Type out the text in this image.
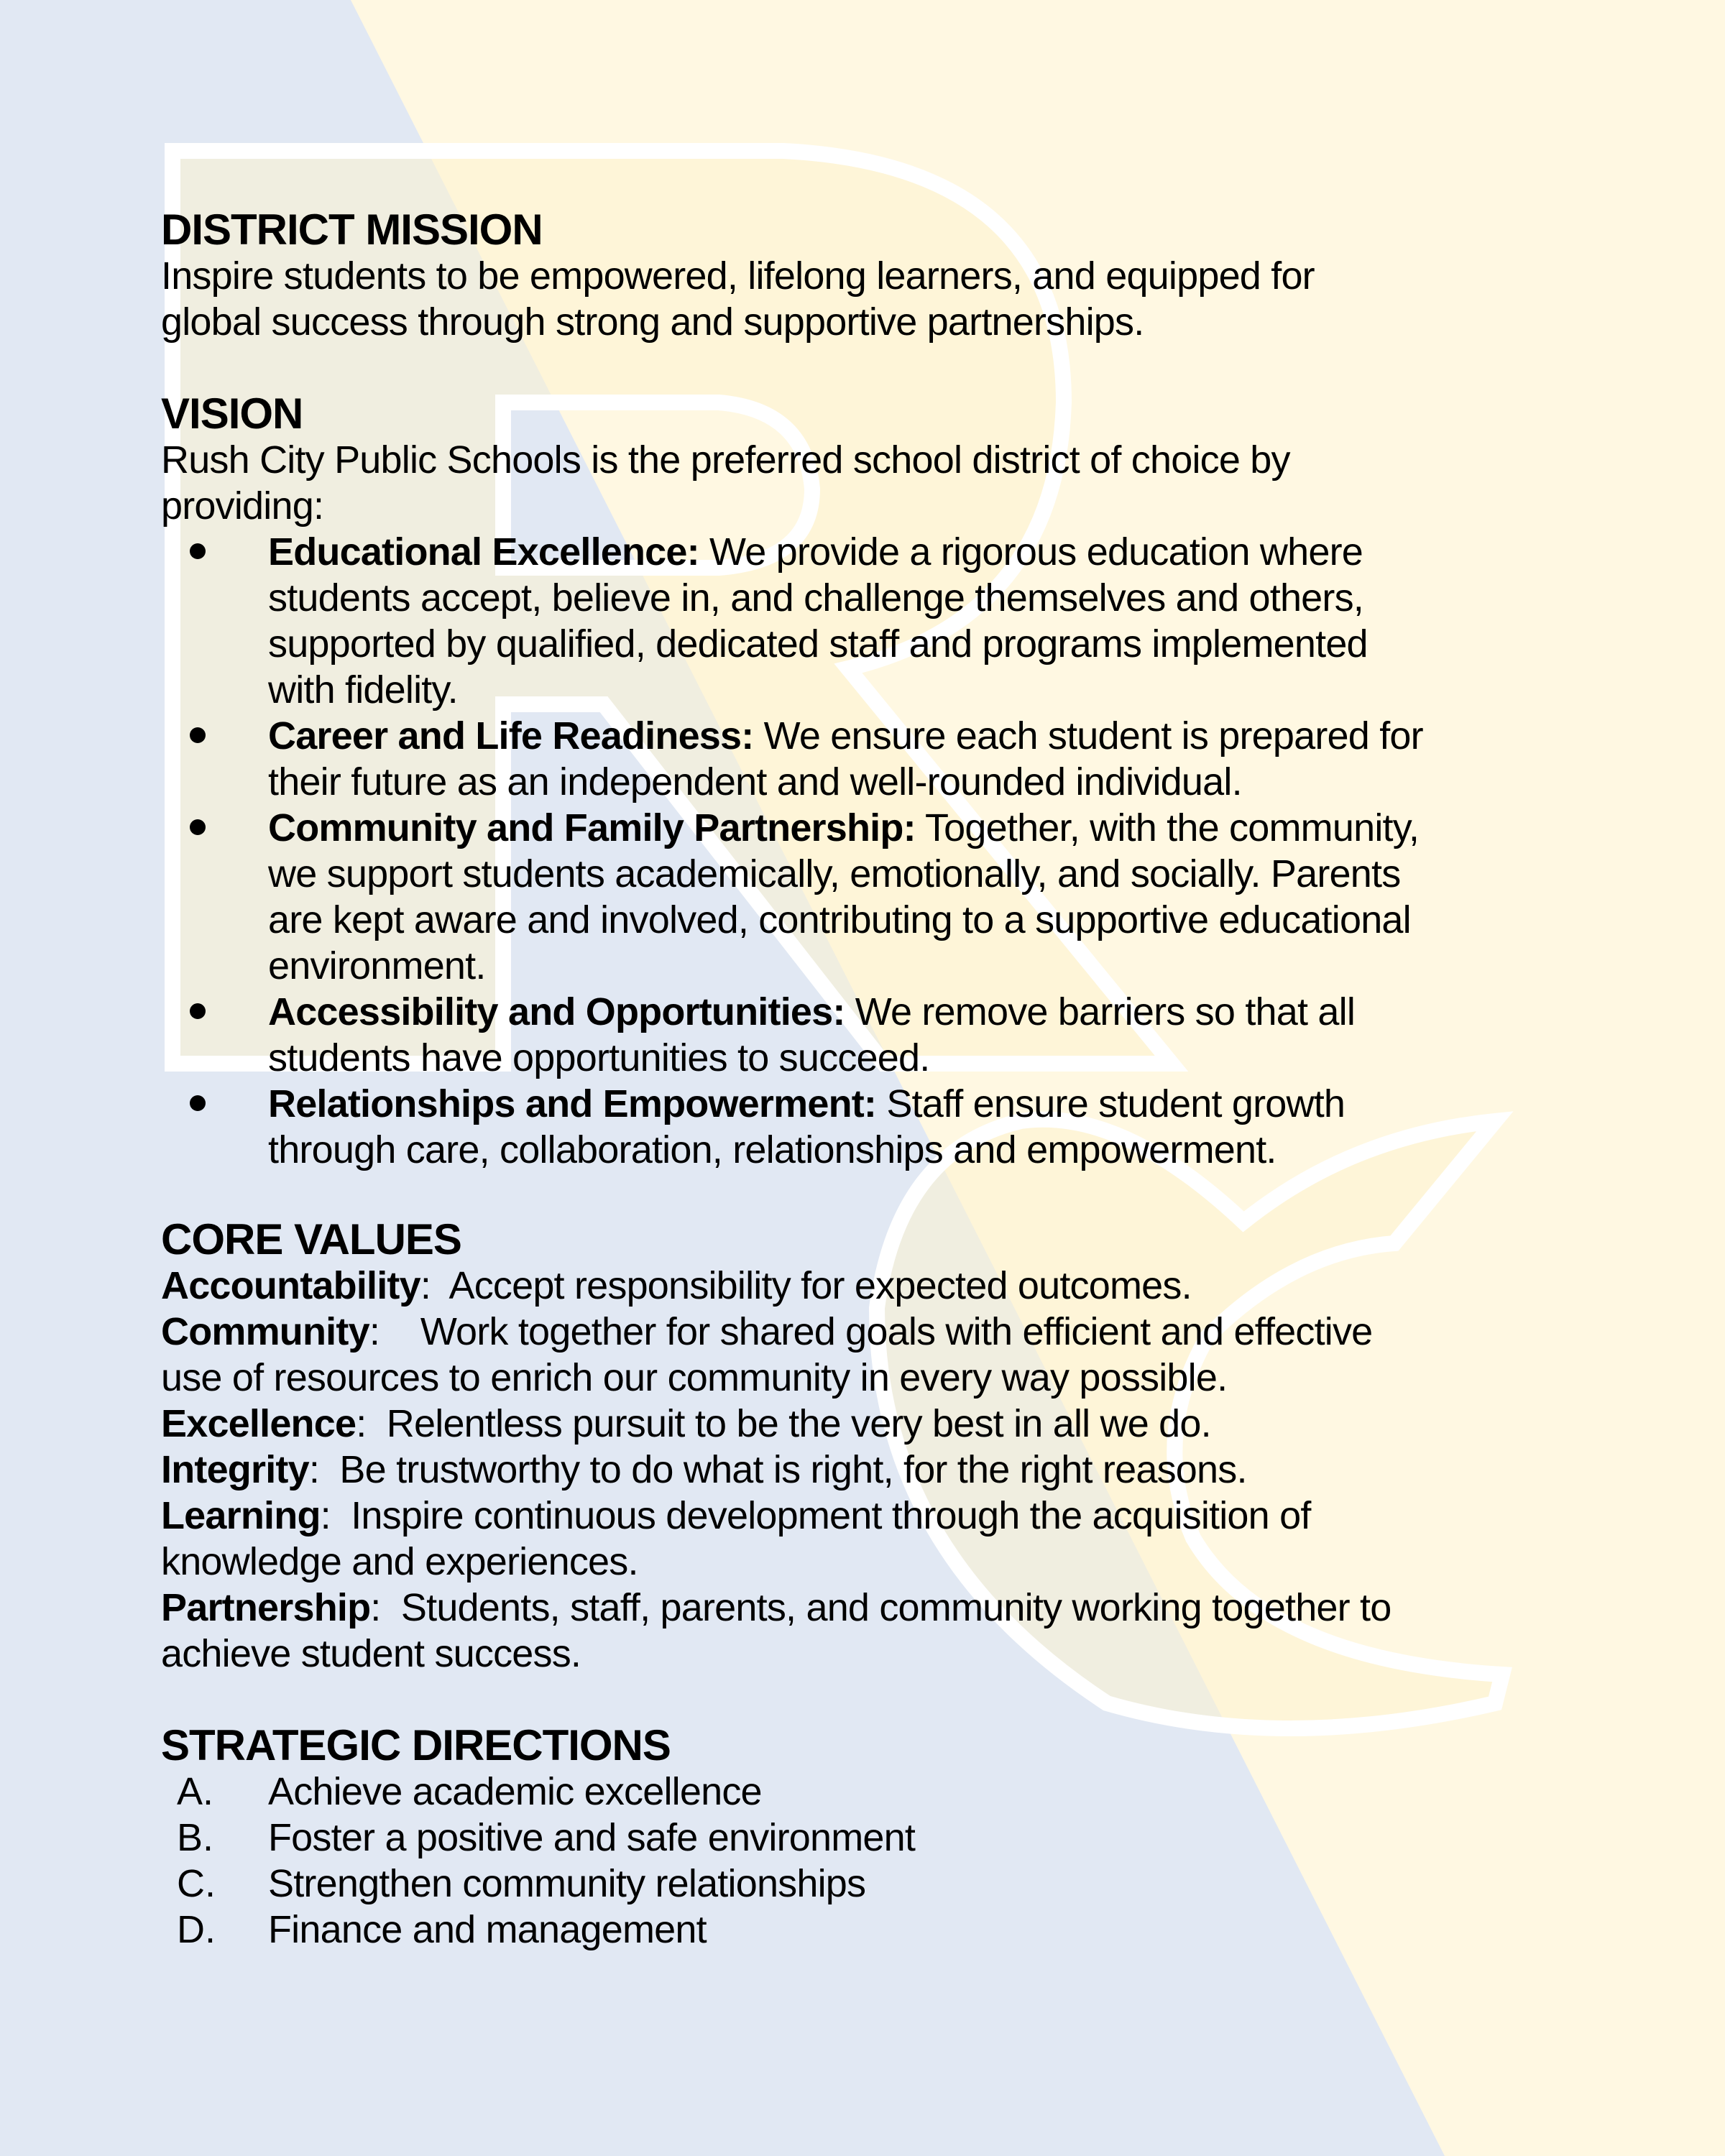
DISTRICT MISSION
Inspire students to be empowered, lifelong learners, and equipped for
global success through strong and supportive partnerships.
VISION
Rush City Public Schools is the preferred school district of choice by
providing:
Educational Excellence: We provide a rigorous education where
students accept, believe in, and challenge themselves and others,
supported by qualified, dedicated staff and programs implemented
with fidelity.
Career and Life Readiness: We ensure each student is prepared for
their future as an independent and well-rounded individual.
Community and Family Partnership: Together, with the community,
we support students academically, emotionally, and socially. Parents
are kept aware and involved, contributing to a supportive educational
environment.
Accessibility and Opportunities: We remove barriers so that all
students have opportunities to succeed.
Relationships and Empowerment: Staff ensure student growth
through care, collaboration, relationships and empowerment.
CORE VALUES
Accountability:  Accept responsibility for expected outcomes.
Community:    Work together for shared goals with efficient and effective
use of resources to enrich our community in every way possible.
Excellence:  Relentless pursuit to be the very best in all we do.
Integrity:  Be trustworthy to do what is right, for the right reasons.
Learning:  Inspire continuous development through the acquisition of
knowledge and experiences.
Partnership:  Students, staff, parents, and community working together to
achieve student success.
STRATEGIC DIRECTIONS
A. Achieve academic excellence
B. Foster a positive and safe environment
C. Strengthen community relationships
D. Finance and management
